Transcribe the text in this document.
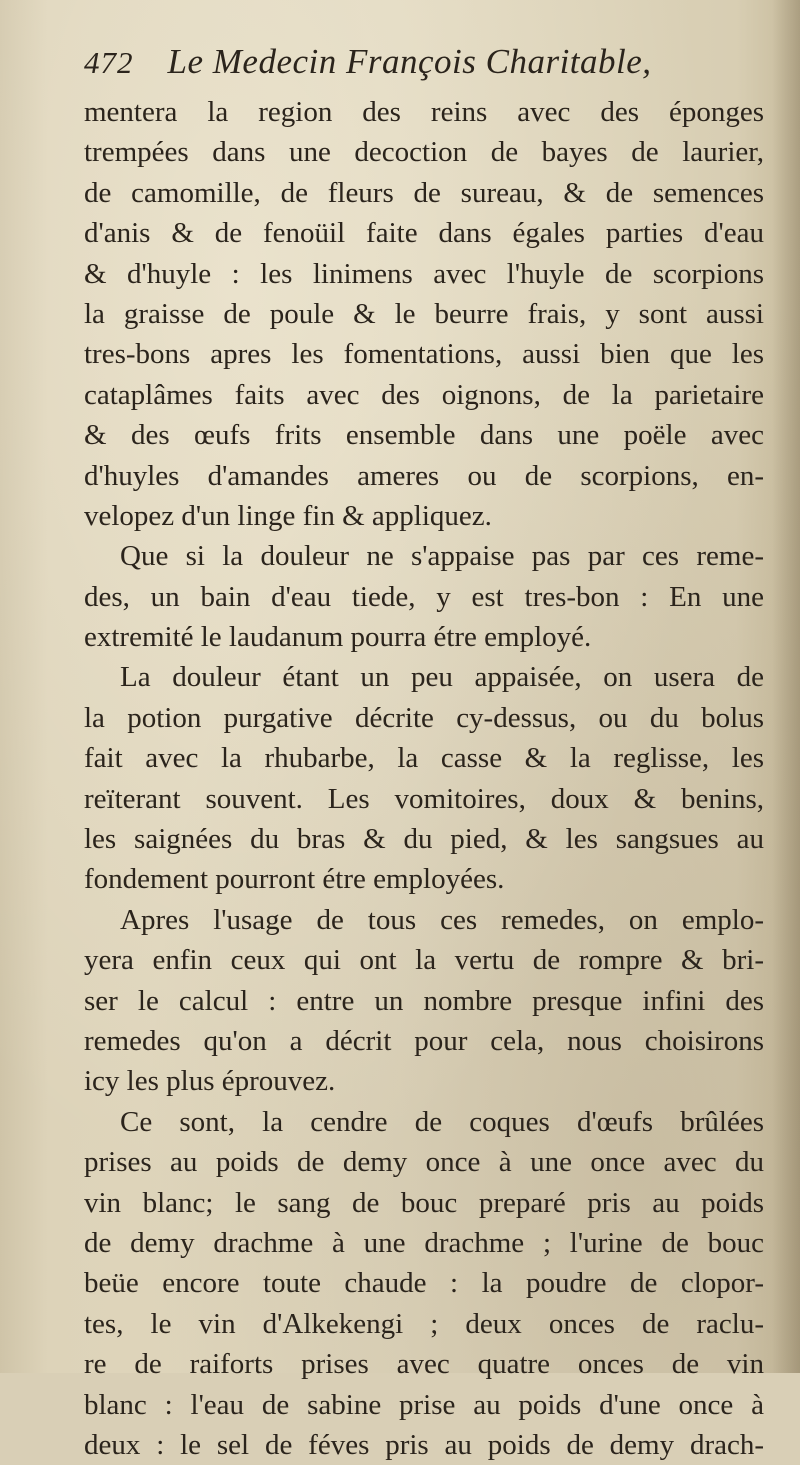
472 Le Medecin François Charitable,
mentera la region des reins avec des éponges
trempées dans une decoction de bayes de laurier,
de camomille, de fleurs de sureau, & de semences
d'anis & de fenoüil faite dans égales parties d'eau
& d'huyle : les linimens avec l'huyle de scorpions
la graisse de poule & le beurre frais, y sont aussi
tres-bons apres les fomentations, aussi bien que les
cataplâmes faits avec des oignons, de la parietaire
& des œufs frits ensemble dans une poële avec
d'huyles d'amandes ameres ou de scorpions, en-
velopez d'un linge fin & appliquez.
Que si la douleur ne s'appaise pas par ces reme-
des, un bain d'eau tiede, y est tres-bon : En une
extremité le laudanum pourra étre employé.
La douleur étant un peu appaisée, on usera de
la potion purgative décrite cy-dessus, ou du bolus
fait avec la rhubarbe, la casse & la reglisse, les
reïterant souvent. Les vomitoires, doux & benins,
les saignées du bras & du pied, & les sangsues au
fondement pourront étre employées.
Apres l'usage de tous ces remedes, on emplo-
yera enfin ceux qui ont la vertu de rompre & bri-
ser le calcul : entre un nombre presque infini des
remedes qu'on a décrit pour cela, nous choisirons
icy les plus éprouvez.
Ce sont, la cendre de coques d'œufs brûlées
prises au poids de demy once à une once avec du
vin blanc; le sang de bouc preparé pris au poids
de demy drachme à une drachme ; l'urine de bouc
beüe encore toute chaude : la poudre de clopor-
tes, le vin d'Alkekengi ; deux onces de raclu-
re de raiforts prises avec quatre onces de vin
blanc : l'eau de sabine prise au poids d'une once à
deux : le sel de féves pris au poids de demy drach-
